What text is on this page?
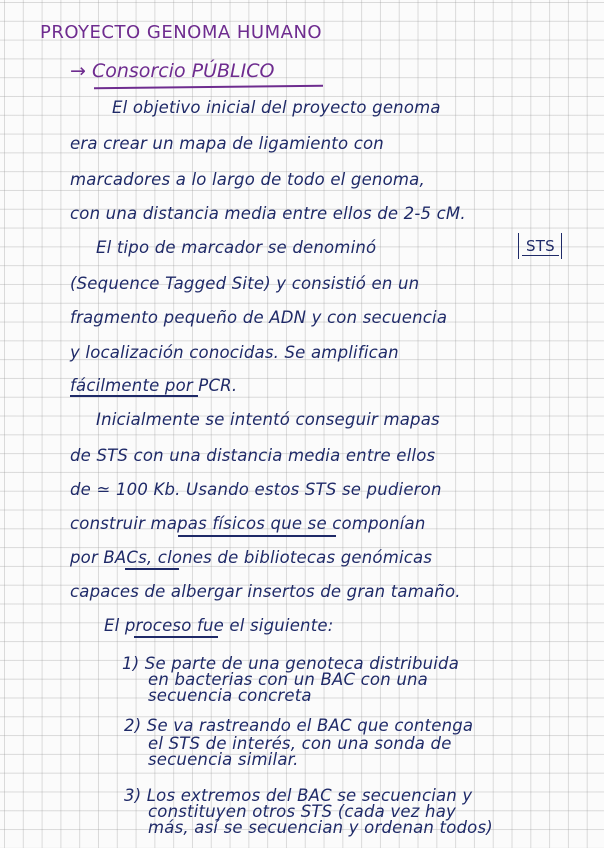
PROYECTO GENOMA HUMANO
→ Consorcio PÚBLICO
El objetivo inicial del proyecto genoma
era crear un mapa de ligamiento con
marcadores a lo largo de todo el genoma,
con una distancia media entre ellos de 2-5 cM.
El tipo de marcador se denominó	STS
(Sequence Tagged Site) y consistió en un
fragmento pequeño de ADN y con secuencia
y localización conocidas. Se amplifican
fácilmente por PCR.
Inicialmente se intentó conseguir mapas
de STS con una distancia media entre ellos
de ≃ 100 Kb. Usando estos STS se pudieron
construir mapas físicos que se componían
por BACs, clones de bibliotecas genómicas
capaces de albergar insertos de gran tamaño.
El proceso fue el siguiente:
1) Se parte de una genoteca distribuida
en bacterias con un BAC con una
secuencia concreta
2) Se va rastreando el BAC que contenga
el STS de interés, con una sonda de
secuencia similar.
3) Los extremos del BAC se secuencian y
constituyen otros STS (cada vez hay
más, así se secuencian y ordenan todos)
